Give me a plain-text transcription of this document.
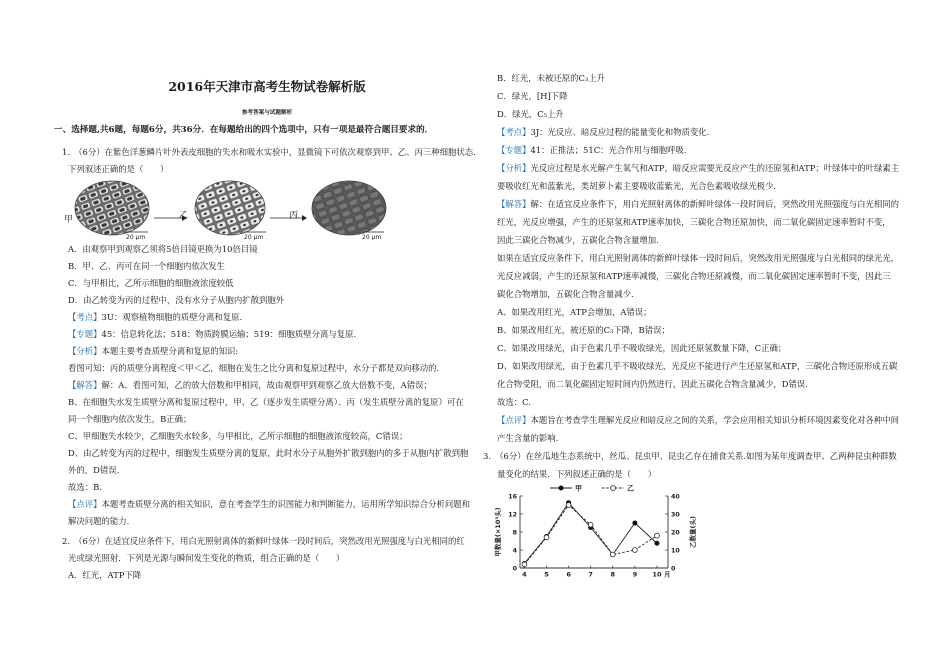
2016年天津市高考生物试卷解析版
参考答案与试题解析
一、选择题,共6题，每题6分，共36分．在每题给出的四个选项中，只有一项是最符合题目要求的．
1.　（6分）在紫色洋葱鳞片叶外表皮细胞的失水和吸水实验中，显微镜下可依次观察到甲、乙、丙三种细胞状态.
下列叙述正确的是（　　）
A．由观察甲到观察乙须将5倍目镜更换为10倍目镜
B．甲、乙、丙可在同一个细胞内依次发生
C．与甲相比，乙所示细胞的细胞液浓度较低
D．由乙转变为丙的过程中，没有水分子从胞内扩散到胞外
【考点】3U：观察植物细胞的质壁分离和复原.
【专题】45：信息转化法；518：物质跨膜运输；519：细胞质壁分离与复原.
【分析】本题主要考查质壁分离和复原的知识:
看图可知：丙的质壁分离程度＜甲＜乙，细胞在发生之比分离和复原过程中，水分子都是双向移动的.
【解答】解：A、看图可知，乙的放大倍数和甲相同，故由观察甲到观察乙放大倍数不变，A错误；
B、在细胞失水发生质壁分离和复原过程中，甲、乙（逐步发生质壁分离）、丙（发生质壁分离的复原）可在
同一个细胞内依次发生，B正确；
C、甲细胞失水较少，乙细胞失水较多，与甲相比，乙所示细胞的细胞液浓度较高，C错误；
D、由乙转变为丙的过程中，细胞发生质壁分离的复原，此时水分子从胞外扩散到胞内的多于从胞内扩散到胞
外的，D错误.
故选：B.
【点评】本题考查质壁分离的相关知识，意在考查学生的识图能力和判断能力，运用所学知识综合分析问题和
解决问题的能力.
2.　（6分）在适宜反应条件下，用白光照射离体的新鲜叶绿体一段时间后，突然改用光照强度与白光相同的红
光或绿光照射．下列是光源与瞬间发生变化的物质，组合正确的是（　　）
A．红光，ATP下降
20 μm
甲	乙
20 μm
丙
20 μm
B．红光，未被还原的C₃上升
C．绿光，[H]下降
D．绿光，C₅上升
【考点】3J：光反应、暗反应过程的能量变化和物质变化.
【专题】41：正推法；51C：光合作用与细胞呼吸.
【分析】光反应过程是水光解产生氧气和ATP，暗反应需要光反应产生的还原氢和ATP；叶绿体中的叶绿素主
要吸收红光和蓝紫光，类胡萝卜素主要吸收蓝紫光，光合色素吸收绿光极少.
【解答】解：在适宜反应条件下，用白光照射离体的新鲜叶绿体一段时间后，突然改用光照强度与白光相同的
红光，光反应增强，产生的还原氢和ATP速率加快，三碳化合物还原加快，而二氧化碳固定速率暂时不变，
因此三碳化合物减少，五碳化合物含量增加.
如果在适宜反应条件下，用白光照射离体的新鲜叶绿体一段时间后，突然改用光照强度与白光相同的绿光光，
光反应减弱，产生的还原氢和ATP速率减慢，三碳化合物还原减慢，而二氧化碳固定速率暂时不变，因此三
碳化合物增加，五碳化合物含量减少.
A、如果改用红光，ATP会增加，A错误；
B、如果改用红光，被还原的C₃下降，B错误；
C、如果改用绿光，由于色素几乎不吸收绿光，因此还原氢数量下降，C正确；
D、如果改用绿光，由于色素几乎不吸收绿光，光反应不能进行产生还原氢和ATP，三碳化合物还原形成五碳
化合物受阻，而二氧化碳固定短时间内仍然进行，因此五碳化合物含量减少，D错误.
故选：C.
【点评】本题旨在考查学生理解光反应和暗反应之间的关系，学会应用相关知识分析环境因素变化对各种中间
产生含量的影响.
3.　（6分）在丝瓜地生态系统中，丝瓜、昆虫甲、昆虫乙存在捕食关系.如图为某年度调查甲、乙两种昆虫种群数
量变化的结果．下列叙述正确的是（　　）
0
4
8
12
16
0
10
20
30
40
4	5	6	7	8	9 10 月
甲数量(×10³头)	乙数量(头)
甲	乙
